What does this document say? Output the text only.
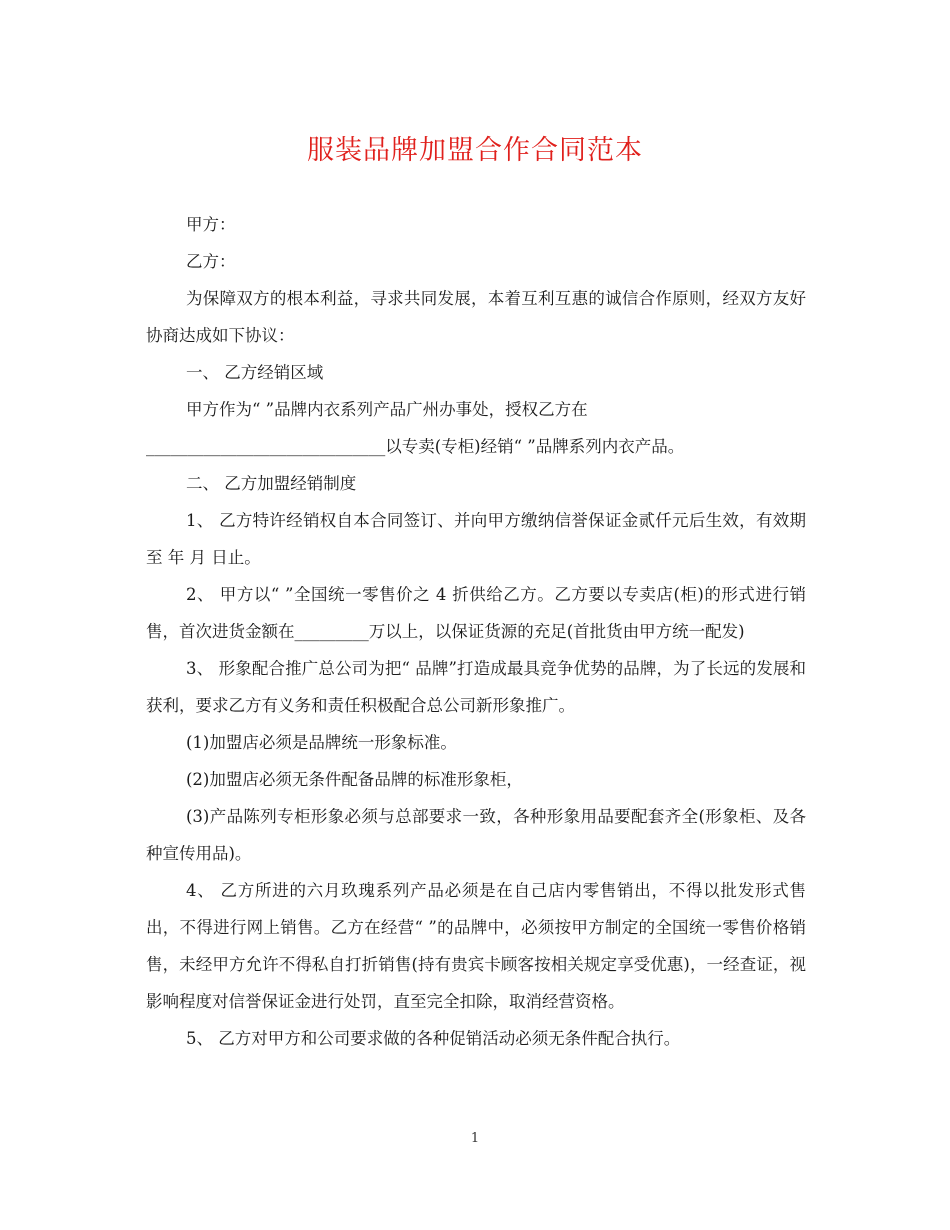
服装品牌加盟合作合同范本

甲方：

乙方：

为保障双方的根本利益，寻求共同发展，本着互利互惠的诚信合作原则，经双方友好协商达成如下协议：

一、 乙方经销区域

甲方作为“ ”品牌内衣系列产品广州办事处，授权乙方在

_____________________________以专卖(专柜)经销“ ”品牌系列内衣产品。

二、 乙方加盟经销制度

1、 乙方特许经销权自本合同签订、并向甲方缴纳信誉保证金贰仟元后生效，有效期至 年 月 日止。

2、 甲方以“ ”全国统一零售价之 4 折供给乙方。乙方要以专卖店(柜)的形式进行销售，首次进货金额在_________万以上，以保证货源的充足(首批货由甲方统一配发)

3、 形象配合推广总公司为把“ 品牌”打造成最具竞争优势的品牌，为了长远的发展和获利，要求乙方有义务和责任积极配合总公司新形象推广。

(1)加盟店必须是品牌统一形象标准。

(2)加盟店必须无条件配备品牌的标准形象柜，

(3)产品陈列专柜形象必须与总部要求一致，各种形象用品要配套齐全(形象柜、及各种宣传用品)。

4、 乙方所进的六月玖瑰系列产品必须是在自己店内零售销出，不得以批发形式售出，不得进行网上销售。乙方在经营“ ”的品牌中，必须按甲方制定的全国统一零售价格销售，未经甲方允许不得私自打折销售(持有贵宾卡顾客按相关规定享受优惠)，一经查证，视影响程度对信誉保证金进行处罚，直至完全扣除，取消经营资格。

5、 乙方对甲方和公司要求做的各种促销活动必须无条件配合执行。

1
